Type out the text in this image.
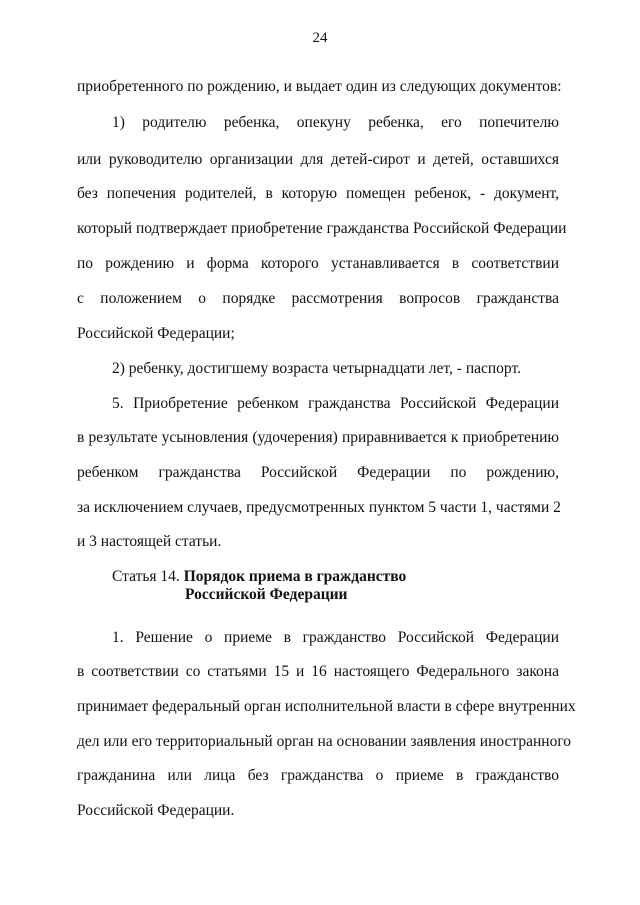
24
приобретенного по рождению, и выдает один из следующих документов:
1) родителю ребенка, опекуну ребенка, его попечителю
или руководителю организации для детей-сирот и детей, оставшихся
без попечения родителей, в которую помещен ребенок, - документ,
который подтверждает приобретение гражданства Российской Федерации
по рождению и форма которого устанавливается в соответствии
с положением о порядке рассмотрения вопросов гражданства
Российской Федерации;
2) ребенку, достигшему возраста четырнадцати лет, - паспорт.
5. Приобретение ребенком гражданства Российской Федерации
в результате усыновления (удочерения) приравнивается к приобретению
ребенком гражданства Российской Федерации по рождению,
за исключением случаев, предусмотренных пунктом 5 части 1, частями 2
и 3 настоящей статьи.
Статья 14. Порядок приема в гражданство
Российской Федерации
1. Решение о приеме в гражданство Российской Федерации
в соответствии со статьями 15 и 16 настоящего Федерального закона
принимает федеральный орган исполнительной власти в сфере внутренних
дел или его территориальный орган на основании заявления иностранного
гражданина или лица без гражданства о приеме в гражданство
Российской Федерации.
